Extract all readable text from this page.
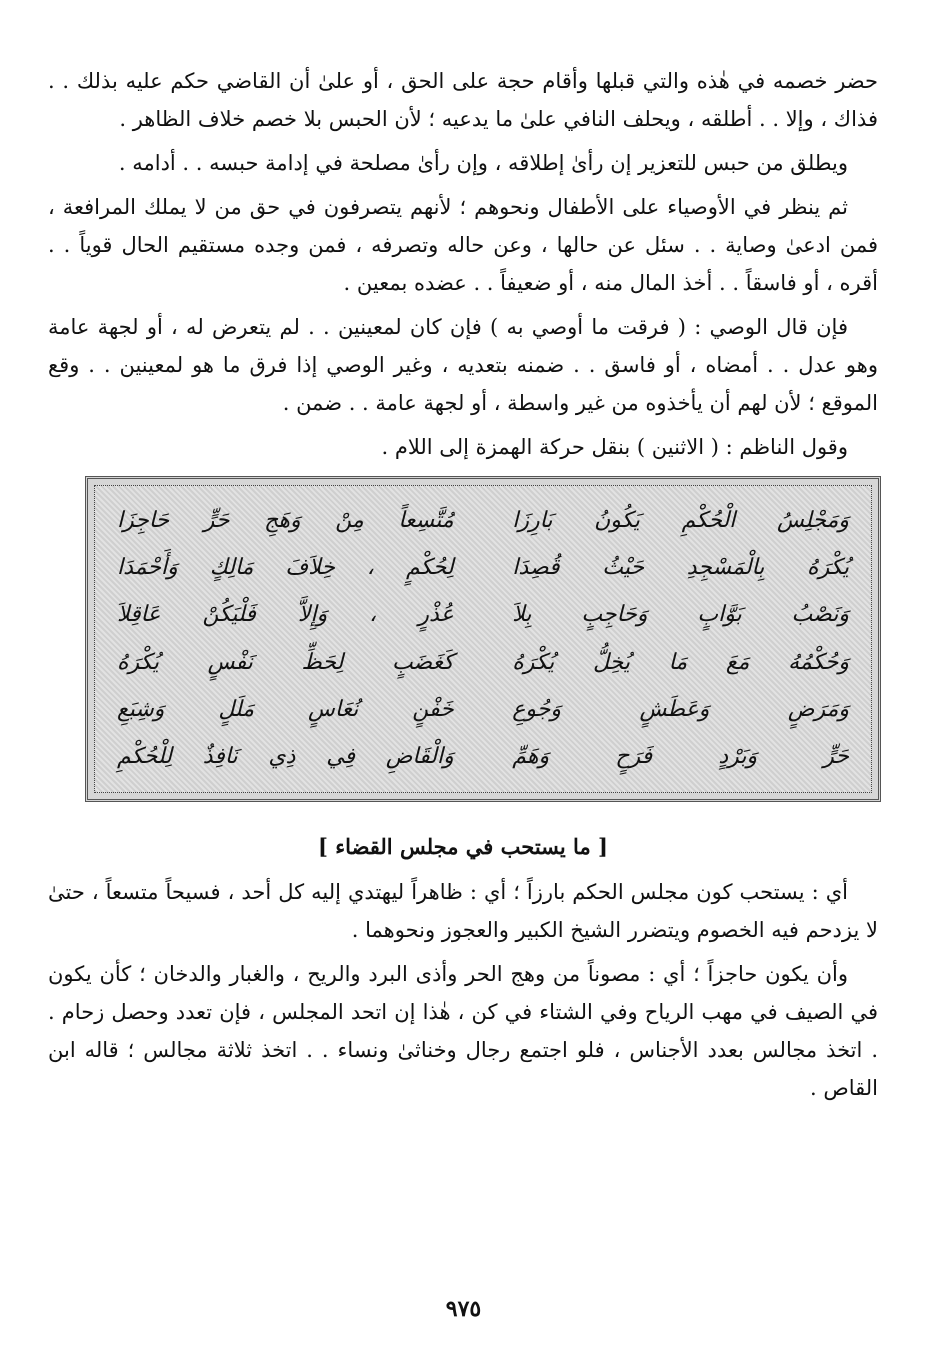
حضر خصمه في هٰذه والتي قبلها وأقام حجة على الحق ، أو علىٰ أن القاضي حكم عليه بذلك . . فذاك ، وإلا . . أطلقه ، ويحلف النافي علىٰ ما يدعيه ؛ لأن الحبس بلا خصم خلاف الظاهر .

ويطلق من حبس للتعزير إن رأىٰ إطلاقه ، وإن رأىٰ مصلحة في إدامة حبسه . . أدامه .

ثم ينظر في الأوصياء على الأطفال ونحوهم ؛ لأنهم يتصرفون في حق من لا يملك المرافعة ، فمن ادعىٰ وصاية . . سئل عن حالها ، وعن حاله وتصرفه ، فمن وجده مستقيم الحال قوياً . . أقره ، أو فاسقاً . . أخذ المال منه ، أو ضعيفاً . . عضده بمعين .

فإن قال الوصي : ( فرقت ما أوصي به ) فإن كان لمعينين . . لم يتعرض له ، أو لجهة عامة وهو عدل . . أمضاه ، أو فاسق . . ضمنه بتعديه ، وغير الوصي إذا فرق ما هو لمعينين . . وقع الموقع ؛ لأن لهم أن يأخذوه من غير واسطة ، أو لجهة عامة . . ضمن .

وقول الناظم : ( الاثنين ) بنقل حركة الهمزة إلى اللام .

وَمَجْلِسُ الْحُكْمِ يَكُونُ بَارِزَا
مُتَّسِعاً مِنْ وَهَجِ حَرٍّ حَاجِزَا
يُكْرَهُ بِالْمَسْجِدِ حَيْثُ قُصِدَا
لِحُكْمٍ ، خِلاَفَ مَالِكٍ وَأَحْمَدَا
وَنَصْبُ بَوَّابٍ وَحَاجِبٍ بِلاَ
عُذْرٍ ، وَإِلاَّ فَلْيَكُنْ عَاقِلاَ
وَحُكْمُهُ مَعَ مَا يُخِلُّ يُكْرَهُ
كَغَضَبٍ لِحَظِّ نَفْسٍ يُكْرَهُ
وَمَرَضٍ وَعَطَشٍ وَجُوعِ
خَفْنٍ نُعَاسٍ مَلَلٍ وَشِبَعِ
حَرٍّ وَبَرْدٍ فَرَحٍ وَهَمِّ
وَالْقَاضِ فِي ذِي نَافِذٌ لِلْحُكْمِ
[ ما يستحب في مجلس القضاء ]

أي : يستحب كون مجلس الحكم بارزاً ؛ أي : ظاهراً ليهتدي إليه كل أحد ، فسيحاً متسعاً ، حتىٰ لا يزدحم فيه الخصوم ويتضرر الشيخ الكبير والعجوز ونحوهما .

وأن يكون حاجزاً ؛ أي : مصوناً من وهج الحر وأذى البرد والريح ، والغبار والدخان ؛ كأن يكون في الصيف في مهب الرياح وفي الشتاء في كن ، هٰذا إن اتحد المجلس ، فإن تعدد وحصل زحام . . اتخذ مجالس بعدد الأجناس ، فلو اجتمع رجال وخناثىٰ ونساء . . اتخذ ثلاثة مجالس ؛ قاله ابن القاص .

٩٧٥
